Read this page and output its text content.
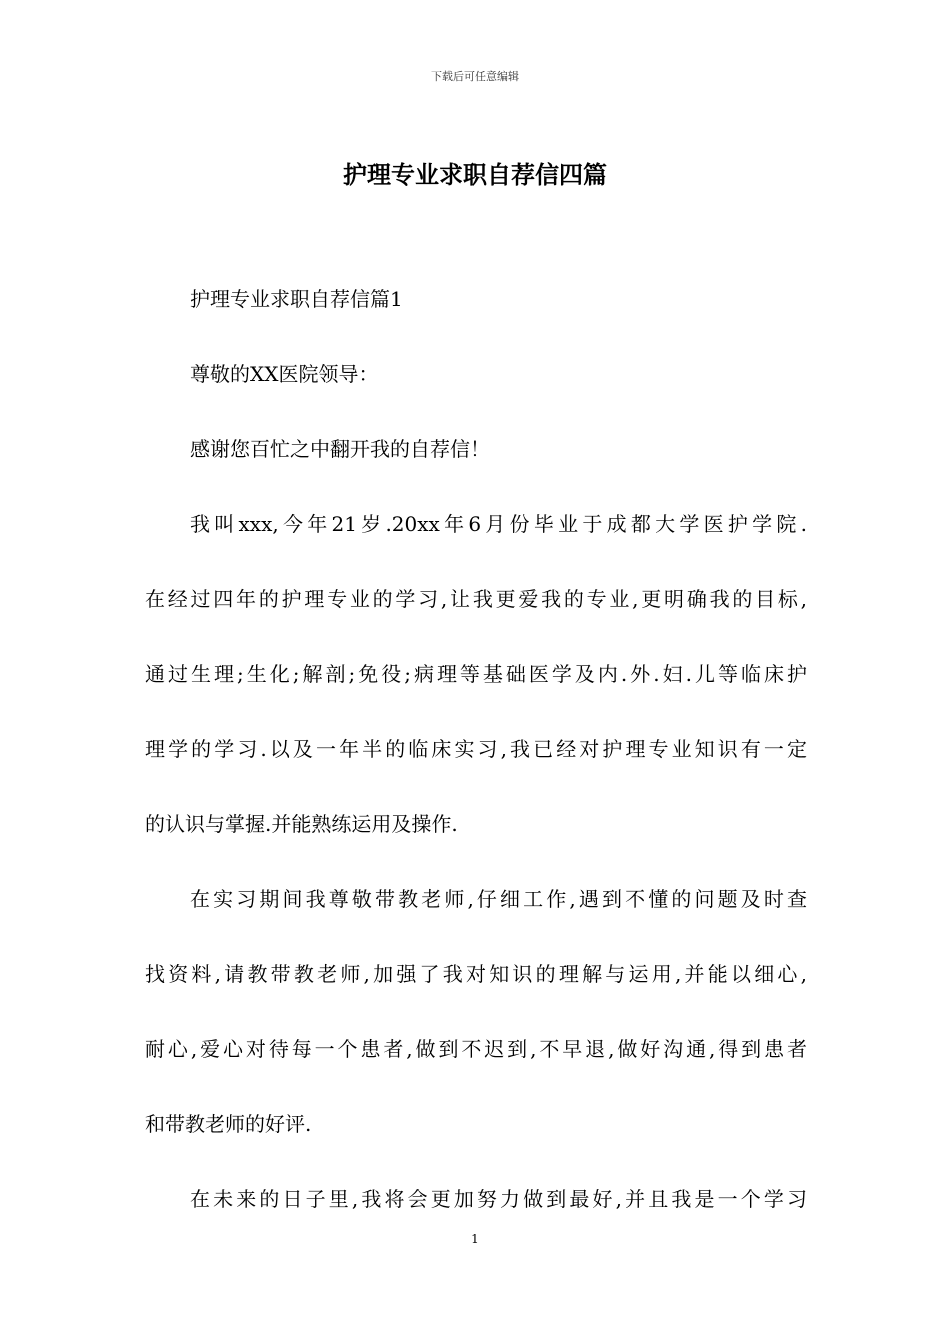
下载后可任意编辑
护理专业求职自荐信四篇
护理专业求职自荐信篇1
尊敬的XX医院领导：
感谢您百忙之中翻开我的自荐信！
我叫xxx,今年21岁.20xx年6月份毕业于成都大学医护学院.
在经过四年的护理专业的学习,让我更爱我的专业,更明确我的目标,
通过生理;生化;解剖;免役;病理等基础医学及内.外.妇.儿等临床护
理学的学习.以及一年半的临床实习,我已经对护理专业知识有一定
的认识与掌握.并能熟练运用及操作.
在实习期间我尊敬带教老师,仔细工作,遇到不懂的问题及时查
找资料,请教带教老师,加强了我对知识的理解与运用,并能以细心,
耐心,爱心对待每一个患者,做到不迟到,不早退,做好沟通,得到患者
和带教老师的好评.
在未来的日子里,我将会更加努力做到最好,并且我是一个学习
1
